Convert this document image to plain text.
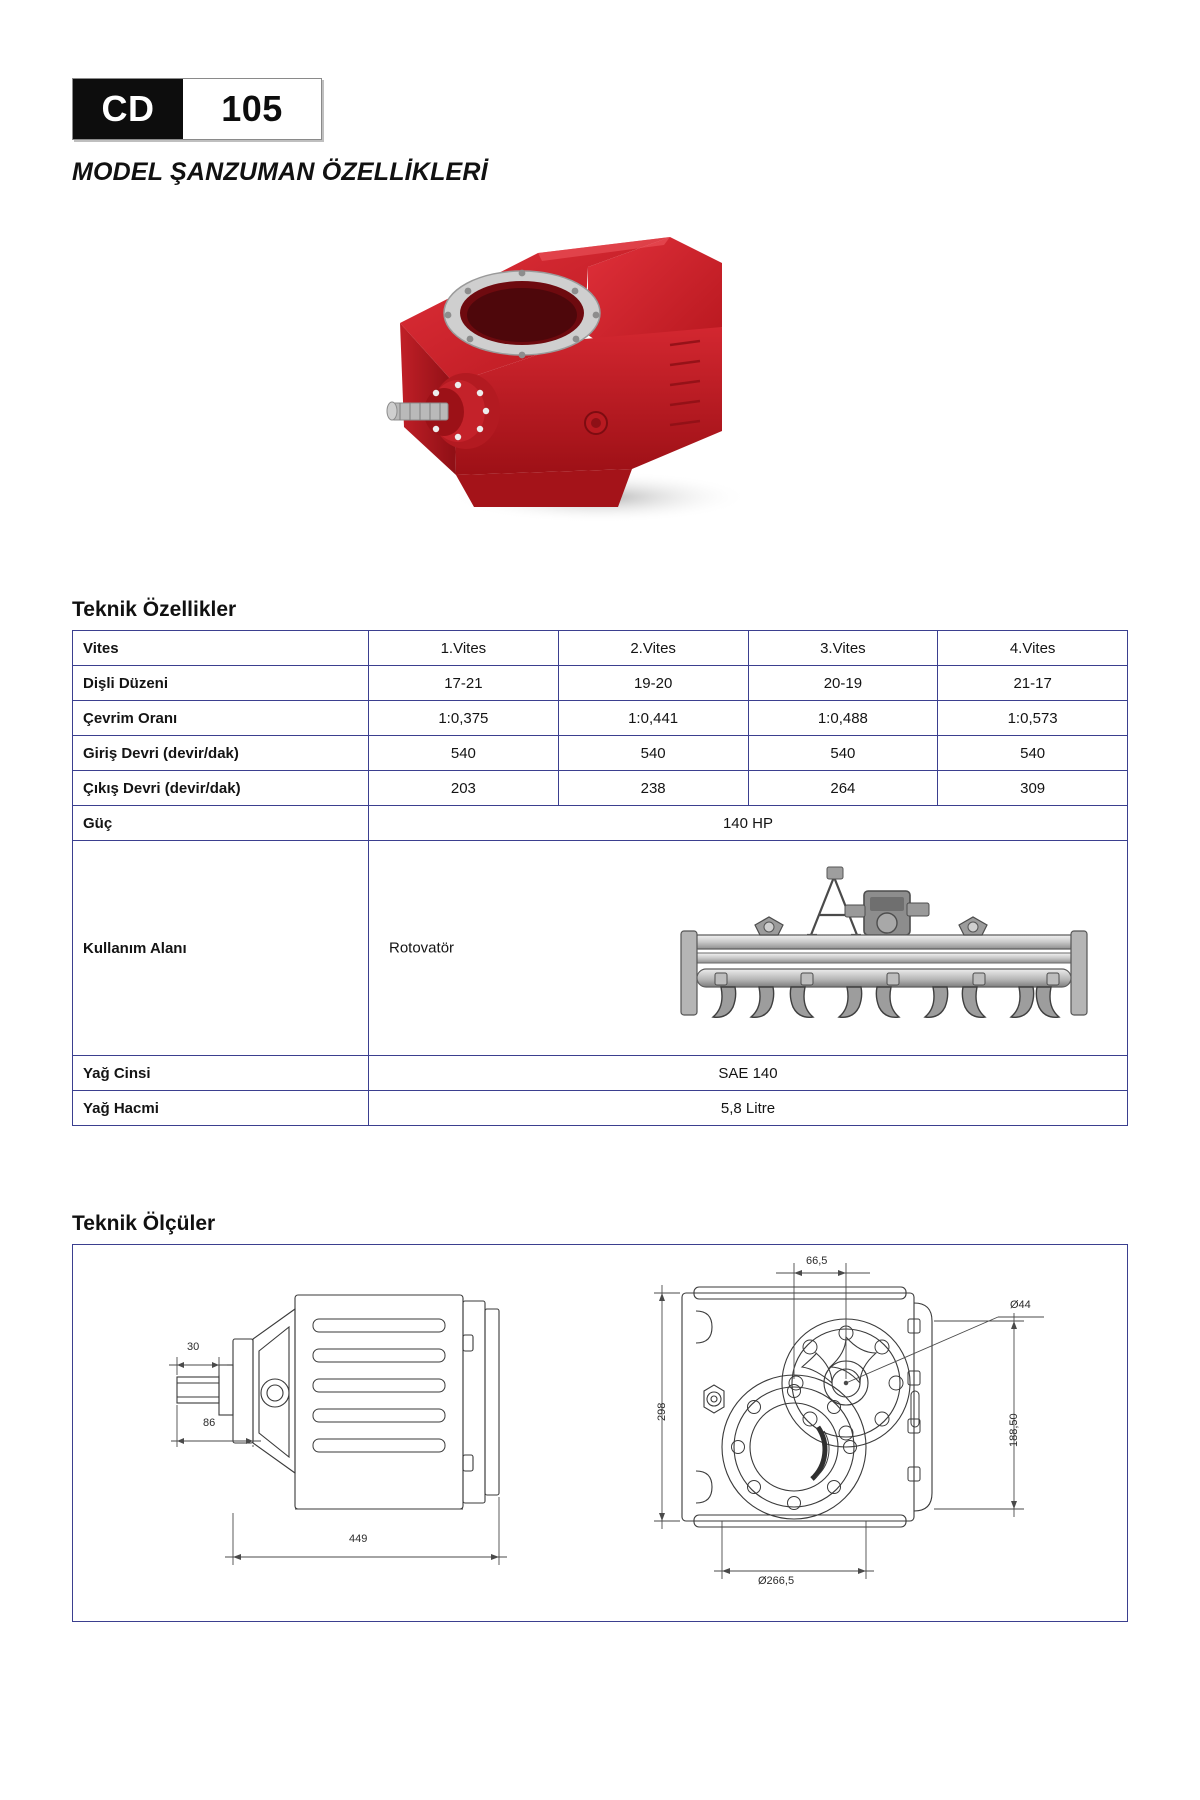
CD	105
MODEL ŞANZUMAN ÖZELLİKLERİ
Teknik Özellikler
Vites	1.Vites	2.Vites	3.Vites	4.Vites
Dişli Düzeni	17-21	19-20	20-19	21-17
Çevrim Oranı	1:0,375	1:0,441	1:0,488	1:0,573
Giriş Devri (devir/dak)	540	540	540	540
Çıkış Devri (devir/dak)	203	238	264	309
Güç	140 HP			
Kullanım Alanı	Rotovatör			

Yağ Cinsi	SAE 140			
Yağ Hacmi	5,8 Litre			
Teknik Ölçüler
30
86
449
66,5
298
188,50
Ø44
Ø266,5
